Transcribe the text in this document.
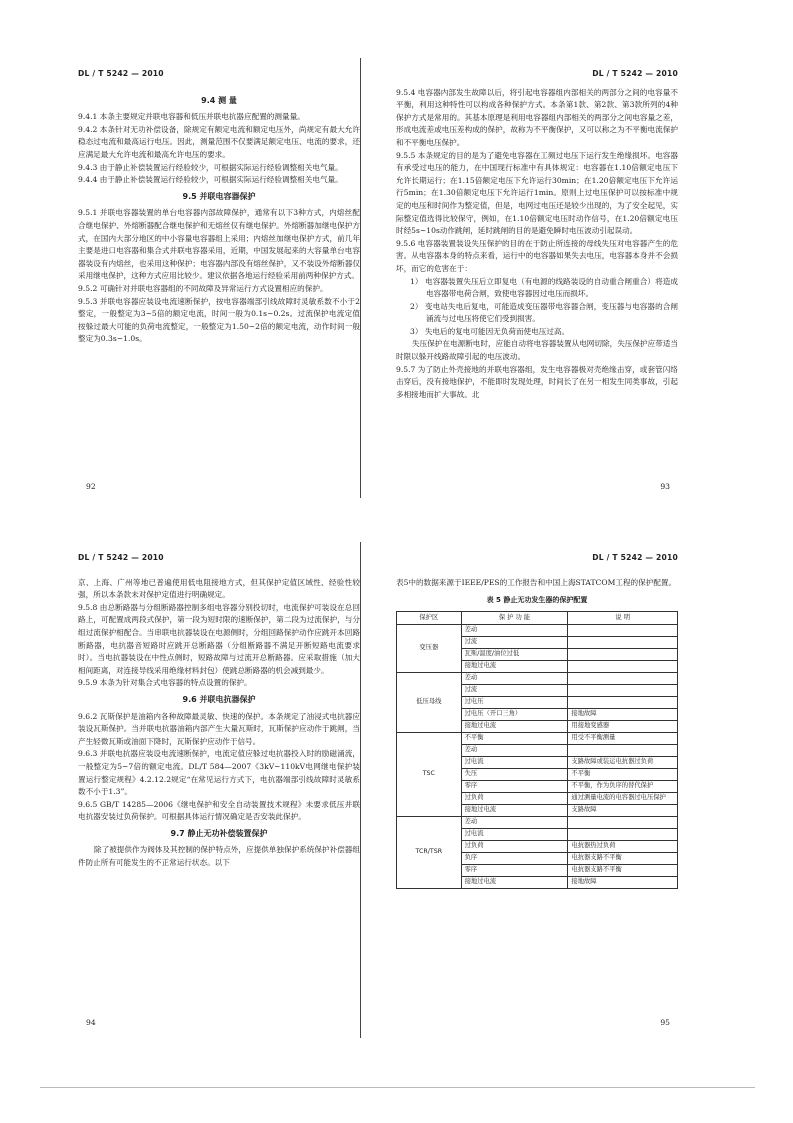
DL / T 5242 — 2010
9.4 测 量

9.4.1 本条主要规定并联电容器和低压并联电抗器应配置的测量量。

9.4.2 本条针对无功补偿设备，除规定有额定电流和额定电压外，尚规定有最大允许稳态过电流和最高运行电压。因此，测量范围不仅要满足额定电压、电流的要求，还应满足最大允许电流和最高允许电压的要求。

9.4.3 由于静止补偿装置运行经验较少，可根据实际运行经验调整相关电气量。

9.4.4 由于静止补偿装置运行经验较少，可根据实际运行经验调整相关电气量。

9.5 并联电容器保护

9.5.1 并联电容器装置的单台电容器内部故障保护，通常有以下3种方式，内熔丝配合继电保护、外熔断器配合继电保护和无熔丝仅有继电保护。外熔断器加继电保护方式，在国内大部分地区的中小容量电容器组上采用；内熔丝加继电保护方式，前几年主要是进口电容器和集合式并联电容器采用，近期，中国发展起来的大容量单台电容器装设有内熔丝，也采用这种保护；电容器内部没有熔丝保护，又不装设外熔断器仅采用继电保护，这种方式应用比较少。建议依据各地运行经验采用前两种保护方式。

9.5.2 可确针对并联电容器组的不同故障及异常运行方式设置相应的保护。

9.5.3 并联电容器应装设电流速断保护，按电容器端部引线故障时灵敏系数不小于2整定，一般整定为3~5倍的额定电流，时间一般为0.1s~0.2s。过流保护电流定值按躲过最大可能的负荷电流整定，一般整定为1.50~2倍的额定电流，动作时间一般整定为0.3s~1.0s。

92
DL / T 5242 — 2010

9.5.4 电容器内部发生故障以后，将引起电容器组内部相关的两部分之间的电容量不平衡，利用这种特性可以构成各种保护方式。本条第1款、第2款、第3款所列的4种保护方式是常用的。其基本原理是利用电容器组内部相关的两部分之间电容量之差，形成电流差或电压差构成的保护，故称为不平衡保护，又可以称之为不平衡电流保护和不平衡电压保护。

9.5.5 本条规定的目的是为了避免电容器在工频过电压下运行发生绝缘损坏。电容器有承受过电压的能力，在中国现行标准中有具体规定：电容器在1.10倍额定电压下允许长期运行；在1.15倍额定电压下允许运行30min；在1.20倍额定电压下允许运行5min；在1.30倍额定电压下允许运行1min。原则上过电压保护可以按标准中规定的电压和时间作为整定值，但是，电网过电压还是较少出现的，为了安全起见，实际整定值选得比较保守，例如，在1.10倍额定电压时动作信号，在1.20倍额定电压时经5s~10s动作跳闸，延时跳闸的目的是避免瞬时电压波动引起误动。

9.5.6 电容器装置装设失压保护的目的在于防止所连接的母线失压对电容器产生的危害。从电容器本身的特点来看，运行中的电容器如果失去电压，电容器本身并不会损坏，而它的危害在于：

1） 电容器装置失压后立即复电（有电源的线路装设的自动重合闸重合）将造成电容器带电荷合闸，致使电容器因过电压而损坏。
2） 变电站失电后复电，可能造成变压器带电容器合闸，变压器与电容器的合闸涌流与过电压将使它们受到损害。
3） 失电后的复电可能因无负荷而使电压过高。

失压保护在电源断电时，应能自动将电容器装置从电网切除，失压保护应带适当时限以躲开线路故障引起的电压波动。

9.5.7 为了防止外壳接地的并联电容器组，发生电容器极对壳绝缘击穿，或套管闪络击穿后，没有接地保护，不能即时发现处理，时间长了在另一相发生同类事故，引起多相接地而扩大事故。北

93
DL / T 5242 — 2010

京、上海、广州等地已普遍使用低电阻接地方式，但其保护定值区域性、经验性较强，所以本条款未对保护定值进行明确规定。

9.5.8 由总断路器与分组断路器控制多组电容器分别投切时，电流保护可装设在总回路上，可配置成两段式保护，第一段为短时限的速断保护，第二段为过流保护，与分组过流保护相配合。当串联电抗器装设在电源侧时，分组回路保护动作应跳开本回路断路器，电抗器音短路时应跳开总断路器（分组断路器不满足开断短路电流要求时）。当电抗器装设在中性点侧时，短路故障与过流开总断路器。应采取措施（加大相间距离，对连接导线采用绝缘材料封包）使跳总断路器的机会减到最少。

9.5.9 本条为针对集合式电容器的特点设置的保护。

9.6 并联电抗器保护

9.6.2 瓦斯保护是油箱内各种故障最灵敏、快速的保护。本条规定了油浸式电抗器应装设瓦斯保护。当并联电抗器油箱内部产生大量瓦斯时，瓦斯保护应动作于跳闸，当产生轻微瓦斯或油面下降时，瓦斯保护应动作于信号。

9.6.3 并联电抗器应装设电流速断保护，电流定值应躲过电抗器投入时的励磁涌流，一般整定为5~7倍的额定电流。DL/T 584—2007《3kV~110kV电网继电保护装置运行整定规程》4.2.12.2规定“在常见运行方式下，电抗器端部引线故障时灵敏系数不小于1.3”。

9.6.5 GB/T 14285—2006《继电保护和安全自动装置技术规程》未要求低压并联电抗器安装过负荷保护。可根据具体运行情况确定是否安装此保护。

9.7 静止无功补偿装置保护

除了被提供作为阀体及其控制的保护特点外，应提供单独保护系统保护补偿器组件防止所有可能发生的不正常运行状态。以下

94
DL / T 5242 — 2010

表5中的数据来源于IEEE/PES的工作报告和中国上海STATCOM工程的保护配置。

表 5 静止无功发生器的保护配置
保护区	保 护 功 能	说 明
变压器	差动	
	过流	
	瓦斯/温度/油位过低	
	接地过电流	
低压母线	差动	
	过流	
	过电压	
	过电压（开口三角）	接地故障
	接地过电流	用接地变感器
TSC	不平衡	用受不平衡测量
	差动	
	过电流	支路故障或装运电抗器过负荷
	失压	不平衡
	零序	不平衡，作为负序的替代保护
	过负荷	通过测量电流的电容器过电压保护
	接地过电流	支路故障
TCR/TSR	差动	
	过电流	
	过负荷	电抗器热过负荷
	负序	电抗器支路不平衡
	零序	电抗器支路不平衡
	接地过电流	接地故障
95
